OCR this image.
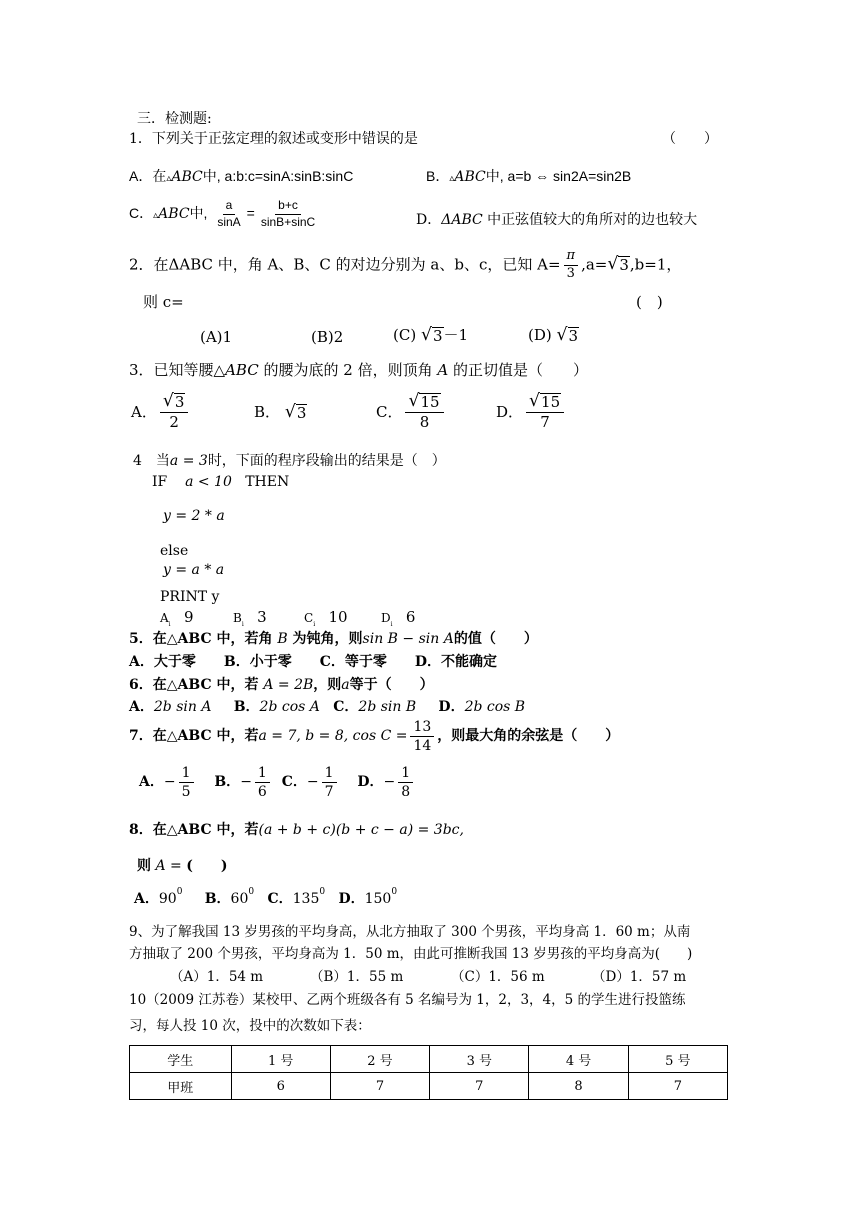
三．检测题:
1．下列关于正弦定理的叙述或变形中错误的是	（　　）
A．在▵ABC中, a:b:c=sinA:sinB:sinC	B．▵ABC中, a=b ⇔ sin2A=sin2B
C．▵ABC中, $\frac{a}{\sin A} = \frac{b+c}{\sin B+\sin C}$	D．ΔABC 中正弦值较大的角所对的边也较大
2．在ΔABC 中，角 A、B、C 的对边分别为 a、b、c，已知 $A= \frac{\pi}{3} ,a=$ √ 3 ,b=1，
则 c=	(　)
(A)1	(B)2	(C) √ 3 －1	(D) √ 3
3．已知等腰△ABC 的腰为底的 2 倍，则顶角 A 的正切值是（　　）
A． $\frac{√ 3}{2}$	B． √ 3	C． $\frac{√ 15}{8}$	D． $\frac{√ 15}{7}$
4　当a = 3时，下面的程序段输出的结果是（　）
IF a < 10 THEN
y = 2 * a
else
y = a * a
PRINT y
$A_i$ 9	$B_i$ 3	$C_i$ 10	$D_i$ 6
5．在△ABC 中，若角 B 为钝角，则sin B − sin A的值（　　）
A．大于零　　B．小于零　　C．等于零　　D．不能确定
6．在△ABC 中，若 A = 2B，则a等于（　　）
A．2b sin A B．2b cos A C．2b sin B D．2b cos B
7．在△ABC 中，若a = 7, b = 8, $\cos C = \frac{13}{14}$ ，则最大角的余弦是（　　）
A．− $\frac{1}{5}$ B．− $\frac{1}{6}$ C．− $\frac{1}{7}$ D．− $\frac{1}{8}$
8．在△ABC 中，若(a + b + c)(b + c − a) = 3bc,
则 A = (　　)
A．$90^0$ B．$60^0$ C．$135^0$ D．$150^0$
9、为了解我国 13 岁男孩的平均身高，从北方抽取了 300 个男孩，平均身高 1．60 m；从南
方抽取了 200 个男孩，平均身高为 1．50 m，由此可推断我国 13 岁男孩的平均身高为(　　)
（A）1．54 m	（B）1．55 m	（C）1．56 m	（D）1．57 m
10（2009 江苏卷）某校甲、乙两个班级各有 5 名编号为 1，2，3，4，5 的学生进行投篮练
习，每人投 10 次，投中的次数如下表：
学生	1 号	2 号	3 号	4 号	5 号
甲班	6	7	7	8	7
